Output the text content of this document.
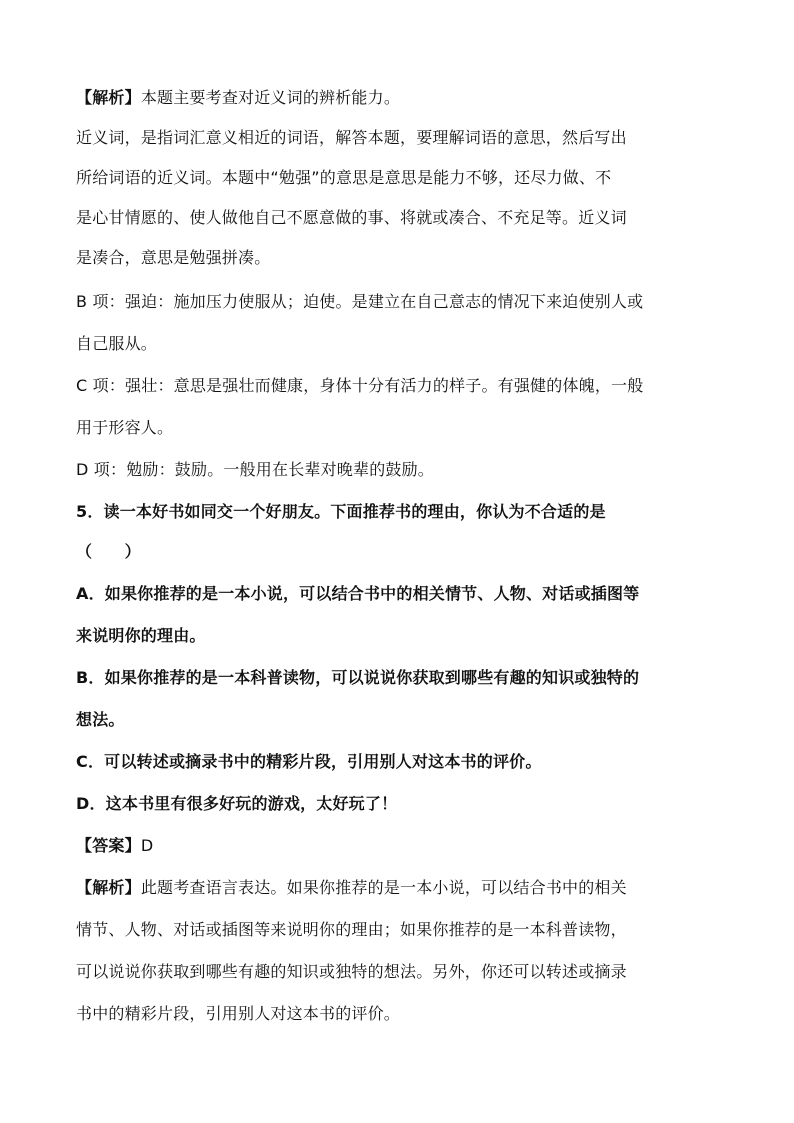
【解析】本题主要考查对近义词的辨析能力。
近义词，是指词汇意义相近的词语，解答本题，要理解词语的意思，然后写出
所给词语的近义词。本题中“勉强”的意思是意思是能力不够，还尽力做、不
是心甘情愿的、使人做他自己不愿意做的事、将就或凑合、不充足等。近义词
是凑合，意思是勉强拼凑。
B 项：强迫：施加压力使服从；迫使。是建立在自己意志的情况下来迫使别人或
自己服从。
C 项：强壮：意思是强壮而健康，身体十分有活力的样子。有强健的体魄，一般
用于形容人。
D 项：勉励：鼓励。一般用在长辈对晚辈的鼓励。
5．读一本好书如同交一个好朋友。下面推荐书的理由，你认为不合适的是
（　　）
A．如果你推荐的是一本小说，可以结合书中的相关情节、人物、对话或插图等
来说明你的理由。
B．如果你推荐的是一本科普读物，可以说说你获取到哪些有趣的知识或独特的
想法。
C．可以转述或摘录书中的精彩片段，引用别人对这本书的评价。
D．这本书里有很多好玩的游戏，太好玩了！
【答案】D
【解析】此题考查语言表达。如果你推荐的是一本小说，可以结合书中的相关
情节、人物、对话或插图等来说明你的理由；如果你推荐的是一本科普读物，
可以说说你获取到哪些有趣的知识或独特的想法。另外，你还可以转述或摘录
书中的精彩片段，引用别人对这本书的评价。
